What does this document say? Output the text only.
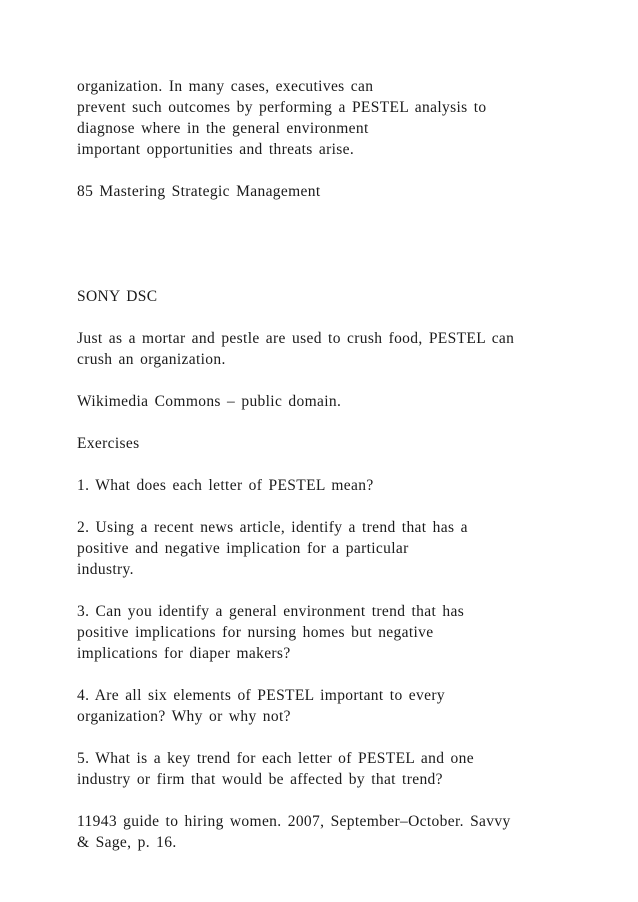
organization. In many cases, executives can
prevent such outcomes by performing a PESTEL analysis to
diagnose where in the general environment
important opportunities and threats arise.

85 Mastering Strategic Management

SONY DSC

Just as a mortar and pestle are used to crush food, PESTEL can
crush an organization.

Wikimedia Commons – public domain.

Exercises

1. What does each letter of PESTEL mean?

2. Using a recent news article, identify a trend that has a
positive and negative implication for a particular
industry.

3. Can you identify a general environment trend that has
positive implications for nursing homes but negative
implications for diaper makers?

4. Are all six elements of PESTEL important to every
organization? Why or why not?

5. What is a key trend for each letter of PESTEL and one
industry or firm that would be affected by that trend?

11943 guide to hiring women. 2007, September–October. Savvy
& Sage, p. 16.
